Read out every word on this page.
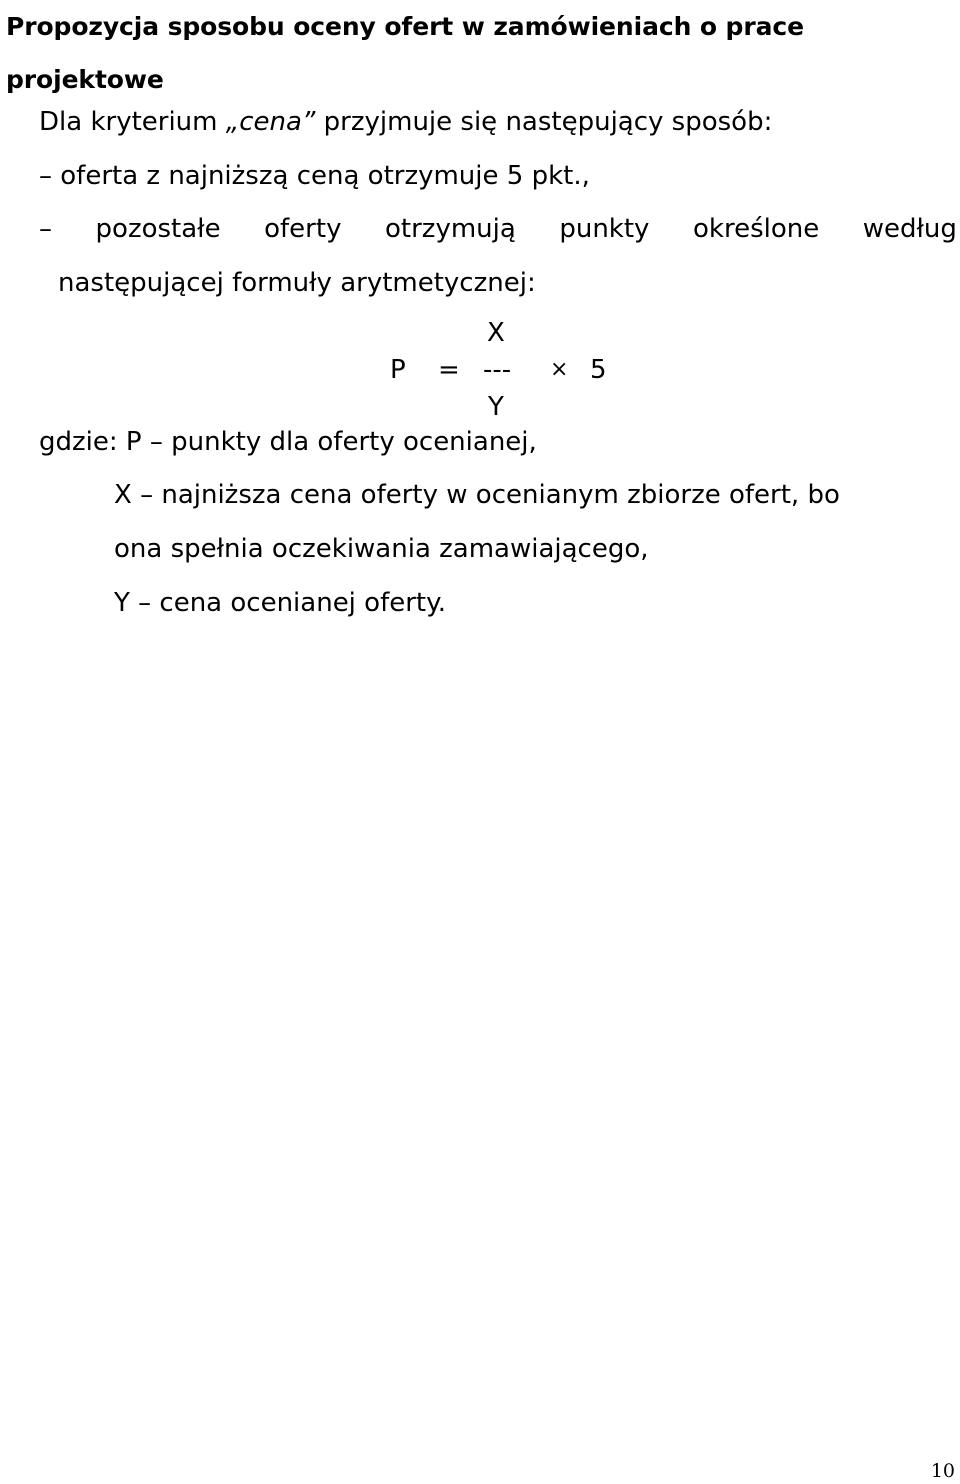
Propozycja sposobu oceny ofert w zamówieniach o prace projektowe
Dla kryterium „cena” przyjmuje się następujący sposób:
– oferta z najniższą ceną otrzymuje 5 pkt.,
– pozostałe oferty otrzymują punkty określone według
następującej formuły arytmetycznej:
X
P = --- × 5
Y
gdzie: P – punkty dla oferty ocenianej,
X – najniższa cena oferty w ocenianym zbiorze ofert, bo
ona spełnia oczekiwania zamawiającego,
Y – cena ocenianej oferty.
10
